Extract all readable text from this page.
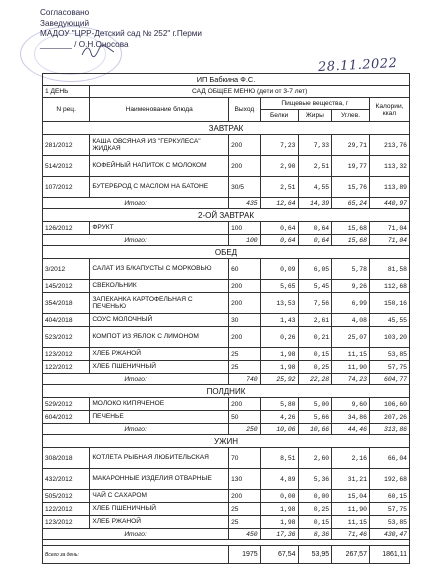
Согласовано
Заведующий
МАДОУ "ЦРР-Детский сад № 252" г.Перми
_______ / О.Н.Оносова
28.11.2022
ИП Бабкина Ф.С.						
1 ДЕНЬ	САД ОБЩЕЕ МЕНЮ (дети от 3-7 лет)					
N рец.	Наименование блюда	Выход	Пищевые вещества, г			Калории, ккал
			Белки	Жиры	Углев.	
ЗАВТРАК						
281/2012	КАША ОВСЯНАЯ ИЗ "ГЕРКУЛЕСА" ЖИДКАЯ	200	7,23	7,33	29,71	213,76
514/2012	КОФЕЙНЫЙ НАПИТОК С МОЛОКОМ	200	2,90	2,51	19,77	113,32
107/2012	БУТЕРБРОД С МАСЛОМ НА БАТОНЕ	30/5	2,51	4,55	15,76	113,89
Итого:		435	12,64	14,39	65,24	440,97
2-ОЙ ЗАВТРАК						
126/2012	ФРУКТ	100	0,64	0,64	15,68	71,04
Итого:		100	0,64	0,64	15,68	71,04
ОБЕД						
3/2012	САЛАТ ИЗ Б/КАПУСТЫ С МОРКОВЬЮ	60	0,09	6,05	5,78	81,58
145/2012	СВЕКОЛЬНИК	200	5,65	5,45	9,26	112,68
354/2018	ЗАПЕКАНКА КАРТОФЕЛЬНАЯ С ПЕЧЕНЬЮ	200	13,53	7,56	6,99	150,16
404/2018	СОУС МОЛОЧНЫЙ	30	1,43	2,61	4,08	45,55
523/2012	КОМПОТ ИЗ ЯБЛОК С ЛИМОНОМ	200	0,26	0,21	25,07	103,20
123/2012	ХЛЕБ РЖАНОЙ	25	1,98	0,15	11,15	53,85
122/2012	ХЛЕБ ПШЕНИЧНЫЙ	25	1,98	0,25	11,90	57,75
Итого:		740	25,92	22,28	74,23	604,77
ПОЛДНИК						
529/2012	МОЛОКО КИПЯЧЕНОЕ	200	5,80	5,00	9,60	106,60
604/2012	ПЕЧЕНЬЕ	50	4,26	5,66	34,86	207,26
Итого:		250	10,06	10,66	44,46	313,86
УЖИН						
308/2018	КОТЛЕТА РЫБНАЯ ЛЮБИТЕЛЬСКАЯ	70	8,51	2,60	2,16	66,04
432/2012	МАКАРОННЫЕ ИЗДЕЛИЯ ОТВАРНЫЕ	130	4,89	5,36	31,21	192,68
505/2012	ЧАЙ С САХАРОМ	200	0,00	0,00	15,04	60,15
122/2012	ХЛЕБ ПШЕНИЧНЫЙ	25	1,98	0,25	11,90	57,75
123/2012	ХЛЕБ РЖАНОЙ	25	1,98	0,15	11,15	53,85
Итого:		450	17,36	8,36	71,46	430,47

Всего за день:		1975	67,54	53,95	267,57	1861,11
